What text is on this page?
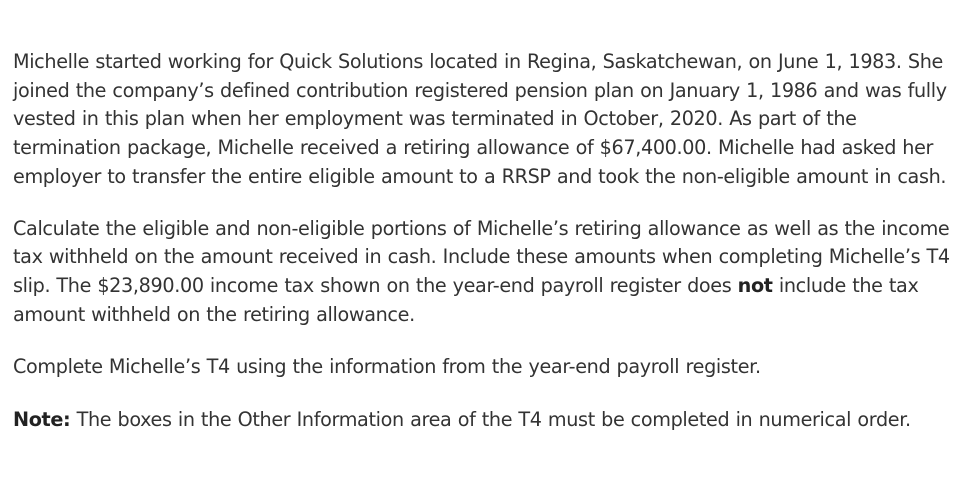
Michelle started working for Quick Solutions located in Regina, Saskatchewan, on June 1, 1983. She joined the company’s defined contribution registered pension plan on January 1, 1986 and was fully vested in this plan when her employment was terminated in October, 2020. As part of the termination package, Michelle received a retiring allowance of $67,400.00. Michelle had asked her employer to transfer the entire eligible amount to a RRSP and took the non-eligible amount in cash.

Calculate the eligible and non-eligible portions of Michelle’s retiring allowance as well as the income tax withheld on the amount received in cash. Include these amounts when completing Michelle’s T4 slip. The $23,890.00 income tax shown on the year-end payroll register does not include the tax amount withheld on the retiring allowance.

Complete Michelle’s T4 using the information from the year-end payroll register.

Note: The boxes in the Other Information area of the T4 must be completed in numerical order.
